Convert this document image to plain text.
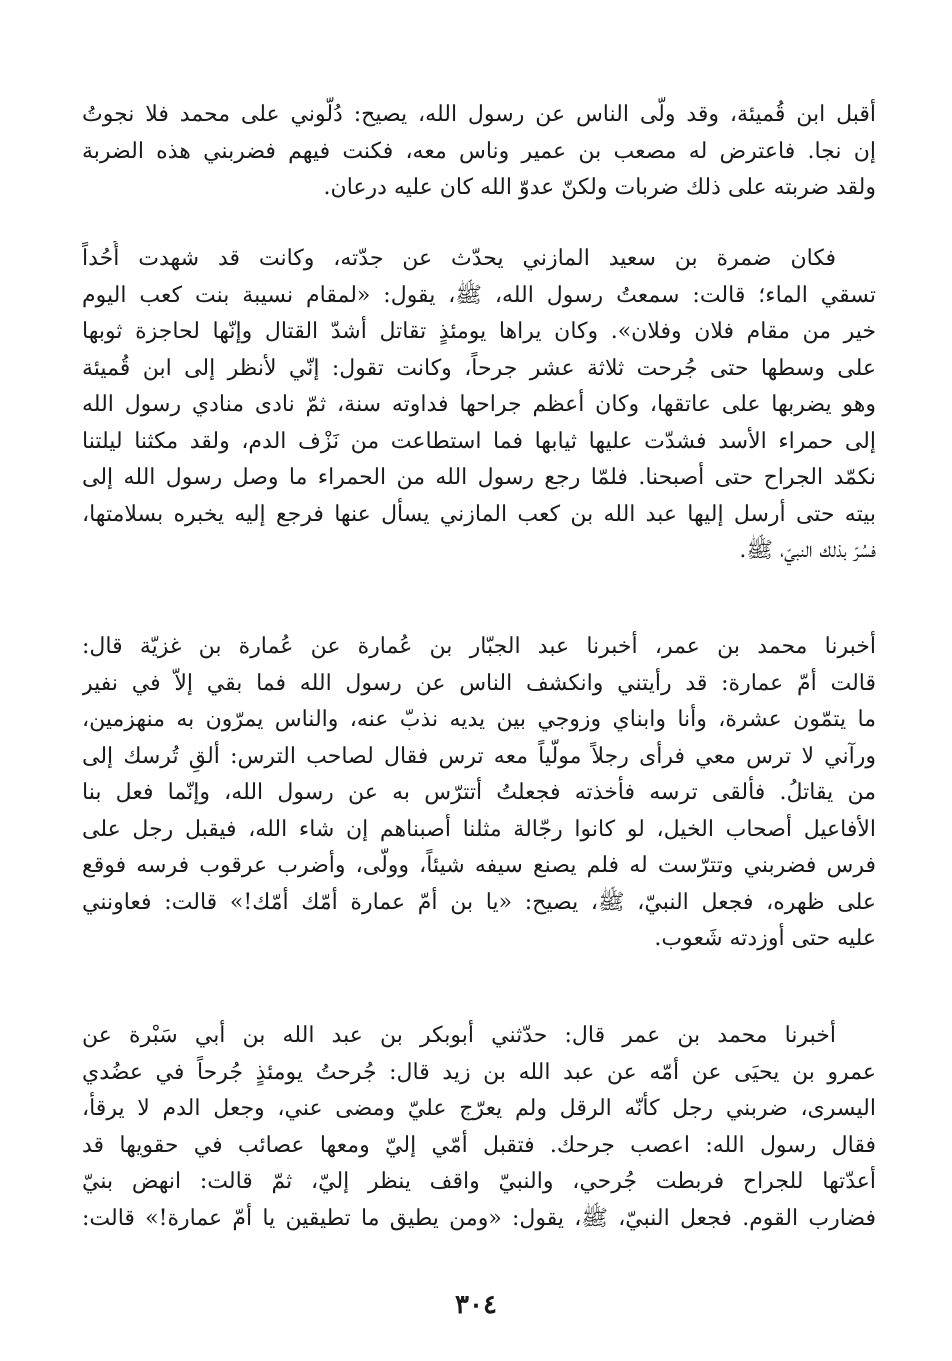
أقبل ابن قُميئة، وقد ولّى الناس عن رسول الله، يصيح: دُلّوني على محمد فلا نجوتُ
إن نجا. فاعترض له مصعب بن عمير وناس معه، فكنت فيهم فضربني هذه الضربة
ولقد ضربته على ذلك ضربات ولكنّ عدوّ الله كان عليه درعان.
فكان ضمرة بن سعيد المازني يحدّث عن جدّته، وكانت قد شهدت أُحُداً
تسقي الماء؛ قالت: سمعتُ رسول الله، ﷺ، يقول: «لمقام نسيبة بنت كعب اليوم
خير من مقام فلان وفلان». وكان يراها يومئذٍ تقاتل أشدّ القتال وإنّها لحاجزة ثوبها
على وسطها حتى جُرحت ثلاثة عشر جرحاً، وكانت تقول: إنّي لأنظر إلى ابن قُميئة
وهو يضربها على عاتقها، وكان أعظم جراحها فداوته سنة، ثمّ نادى منادي رسول الله
إلى حمراء الأسد فشدّت عليها ثيابها فما استطاعت من نَزْف الدم، ولقد مكثنا ليلتنا
نكمّد الجراح حتى أصبحنا. فلمّا رجع رسول الله من الحمراء ما وصل رسول الله إلى
بيته حتى أرسل إليها عبد الله بن كعب المازني يسأل عنها فرجع إليه يخبره بسلامتها،
فسُرّ بذلك النبيّ، ﷺ.
أخبرنا محمد بن عمر، أخبرنا عبد الجبّار بن عُمارة عن عُمارة بن غزيّة قال:
قالت أمّ عمارة: قد رأيتني وانكشف الناس عن رسول الله فما بقي إلاّ في نفير
ما يتمّون عشرة، وأنا وابناي وزوجي بين يديه نذبّ عنه، والناس يمرّون به منهزمين،
ورآني لا ترس معي فرأى رجلاً مولّياً معه ترس فقال لصاحب الترس: ألقِ تُرسك إلى
من يقاتلُ. فألقى ترسه فأخذته فجعلتُ أتترّس به عن رسول الله، وإنّما فعل بنا
الأفاعيل أصحاب الخيل، لو كانوا رجّالة مثلنا أصبناهم إن شاء الله، فيقبل رجل على
فرس فضربني وتترّست له فلم يصنع سيفه شيئاً، وولّى، وأضرب عرقوب فرسه فوقع
على ظهره، فجعل النبيّ، ﷺ، يصيح: «يا بن أمّ عمارة أمّك أمّك!» قالت: فعاونني
عليه حتى أوزدته شَعوب.
أخبرنا محمد بن عمر قال: حدّثني أبوبكر بن عبد الله بن أبي سَبْرة عن
عمرو بن يحيَى عن أمّه عن عبد الله بن زيد قال: جُرحتُ يومئذٍ جُرحاً في عضُدي
اليسرى، ضربني رجل كأنّه الرقل ولم يعرّج عليّ ومضى عني، وجعل الدم لا يرقأ،
فقال رسول الله: اعصب جرحك. فتقبل أمّي إليّ ومعها عصائب في حقويها قد
أعدّتها للجراح فربطت جُرحي، والنبيّ واقف ينظر إليّ، ثمّ قالت: انهض بنيّ
فضارب القوم. فجعل النبيّ، ﷺ، يقول: «ومن يطيق ما تطيقين يا أمّ عمارة!» قالت:
٣٠٤
